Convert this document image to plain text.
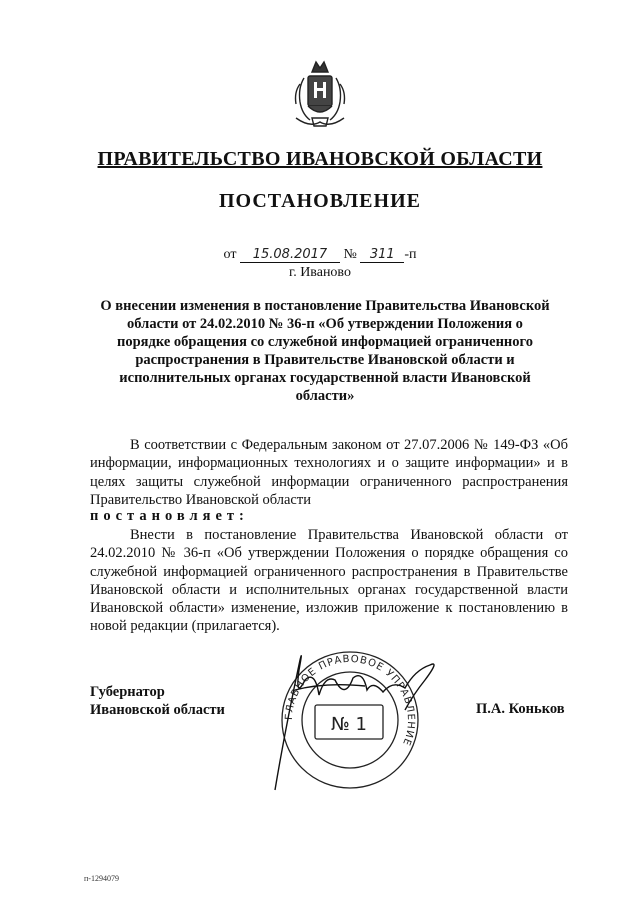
ПРАВИТЕЛЬСТВО ИВАНОВСКОЙ ОБЛАСТИ
ПОСТАНОВЛЕНИЕ
от 15.08.2017 № 311 -п
г. Иваново
О внесении изменения в постановление Правительства Ивановской области от 24.02.2010 № 36-п «Об утверждении Положения о порядке обращения со служебной информацией ограниченного распространения в Правительстве Ивановской области и исполнительных органах государственной власти Ивановской области»
В соответствии с Федеральным законом от 27.07.2006 № 149-ФЗ «Об информации, информационных технологиях и о защите информации» и в целях защиты служебной информации ограниченного распространения Правительство Ивановской области
постановляет:
Внести в постановление Правительства Ивановской области от 24.02.2010 № 36-п «Об утверждении Положения о порядке обращения со служебной информацией ограниченного распространения в Правительстве Ивановской области и исполнительных органах государственной власти Ивановской области» изменение, изложив приложение к постановлению в новой редакции (прилагается).
Губернатор
Ивановской области	П.А. Коньков
ГЛАВНОЕ ПРАВОВОЕ УПРАВЛЕНИЕ
№ 1
п-1294079
